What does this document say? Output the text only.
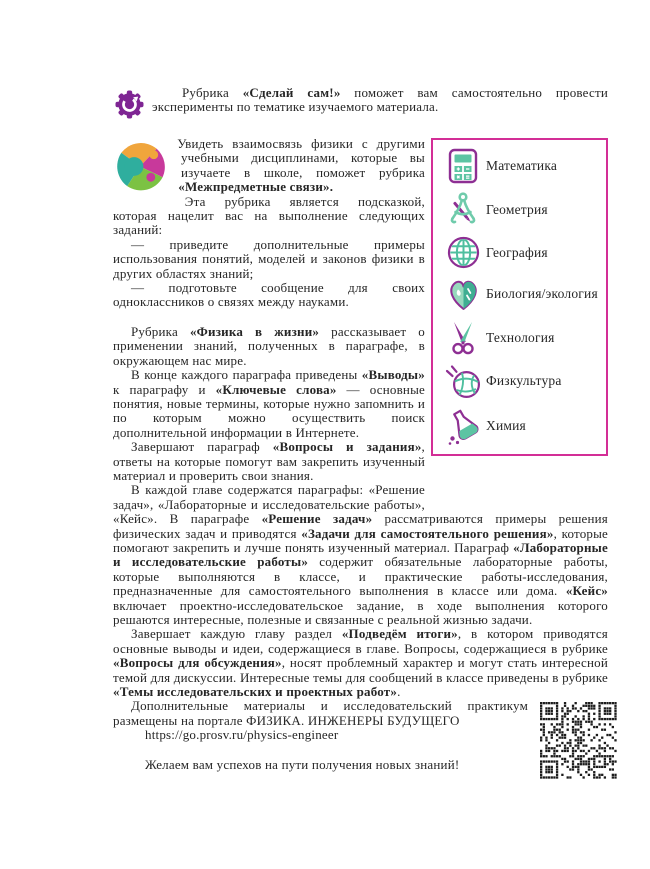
Рубрика «Сделай сам!» поможет вам самостоятельно провести эксперименты по тематике изучаемого материала.

Математика
Геометрия
География
Биология/экология
Технология
Физкультура
Химия

Увидеть взаимосвязь физики с другими учебными дисциплинами, которые вы изучаете в школе, поможет рубрика «Межпредметные связи».

Эта рубрика является подсказкой, которая нацелит вас на выполнение следующих заданий:

— приведите дополнительные примеры использования понятий, моделей и законов физики в других областях знаний;

— подготовьте сообщение для своих одноклассников о связях между науками.

Рубрика «Физика в жизни» рассказывает о применении знаний, полученных в параграфе, в окружающем нас мире.

В конце каждого параграфа приведены «Выводы» к параграфу и «Ключевые слова» — основные понятия, новые термины, которые нужно запомнить и по которым можно осуществить поиск дополнительной информации в Интернете.

Завершают параграф «Вопросы и задания», ответы на которые помогут вам закрепить изученный материал и проверить свои знания.

В каждой главе содержатся параграфы: «Решение задач», «Лабораторные и исследовательские работы», «Кейс». В параграфе «Решение задач» рассматриваются примеры решения физических задач и приводятся «Задачи для самостоятельного решения», которые помогают закрепить и лучше понять изученный материал. Параграф «Лабораторные и исследовательские работы» содержит обязательные лабораторные работы, которые выполняются в классе, и практические работы-исследования, предназначенные для самостоятельного выполнения в классе или дома. «Кейс» включает проектно-исследовательское задание, в ходе выполнения которого решаются интересные, полезные и связанные с реальной жизнью задачи.

Завершает каждую главу раздел «Подведём итоги», в котором приводятся основные выводы и идеи, содержащиеся в главе. Вопросы, содержащиеся в рубрике «Вопросы для обсуждения», носят проблемный характер и могут стать интересной темой для дискуссии. Интересные темы для сообщений в классе приведены в рубрике «Темы исследовательских и проектных работ».

Дополнительные материалы и исследовательский практикум размещены на портале ФИЗИКА. ИНЖЕНЕРЫ БУДУЩЕГО

https://go.prosv.ru/physics-engineer

Желаем вам успехов на пути получения новых знаний!
